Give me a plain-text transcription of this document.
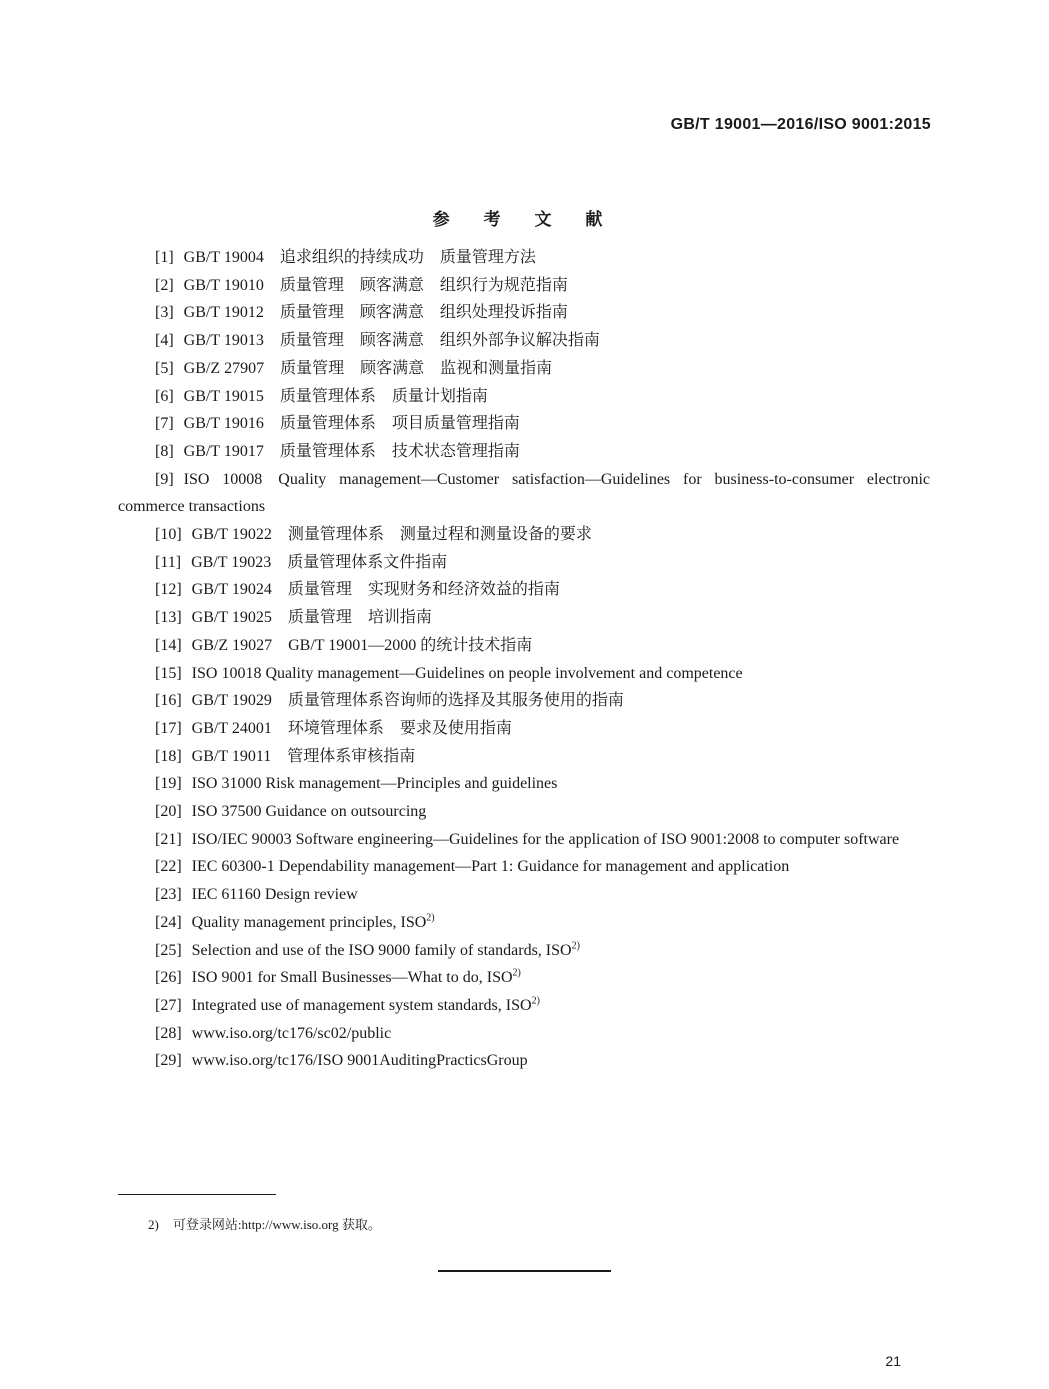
GB/T 19001—2016/ISO 9001:2015
参 考 文 献
[1] GB/T 19004 追求组织的持续成功　质量管理方法
[2] GB/T 19010 质量管理　顾客满意　组织行为规范指南
[3] GB/T 19012 质量管理　顾客满意　组织处理投诉指南
[4] GB/T 19013 质量管理　顾客满意　组织外部争议解决指南
[5] GB/Z 27907 质量管理　顾客满意　监视和测量指南
[6] GB/T 19015 质量管理体系　质量计划指南
[7] GB/T 19016 质量管理体系　项目质量管理指南
[8] GB/T 19017 质量管理体系　技术状态管理指南
[9] ISO 10008 Quality management—Customer satisfaction—Guidelines for business-to-consumer electronic commerce transactions
[10] GB/T 19022 测量管理体系　测量过程和测量设备的要求
[11] GB/T 19023 质量管理体系文件指南
[12] GB/T 19024 质量管理　实现财务和经济效益的指南
[13] GB/T 19025 质量管理　培训指南
[14] GB/Z 19027 GB/T 19001—2000 的统计技术指南
[15] ISO 10018 Quality management—Guidelines on people involvement and competence
[16] GB/T 19029 质量管理体系咨询师的选择及其服务使用的指南
[17] GB/T 24001 环境管理体系　要求及使用指南
[18] GB/T 19011 管理体系审核指南
[19] ISO 31000 Risk management—Principles and guidelines
[20] ISO 37500 Guidance on outsourcing
[21] ISO/IEC 90003 Software engineering—Guidelines for the application of ISO 9001:2008 to computer software
[22] IEC 60300-1 Dependability management—Part 1: Guidance for management and application
[23] IEC 61160 Design review
[24] Quality management principles, ISO$^{2)}$
[25] Selection and use of the ISO 9000 family of standards, ISO$^{2)}$
[26] ISO 9001 for Small Businesses—What to do, ISO$^{2)}$
[27] Integrated use of management system standards, ISO$^{2)}$
[28] www.iso.org/tc176/sc02/public
[29] www.iso.org/tc176/ISO 9001AuditingPracticsGroup
2) 可登录网站:http://www.iso.org 获取。
21
